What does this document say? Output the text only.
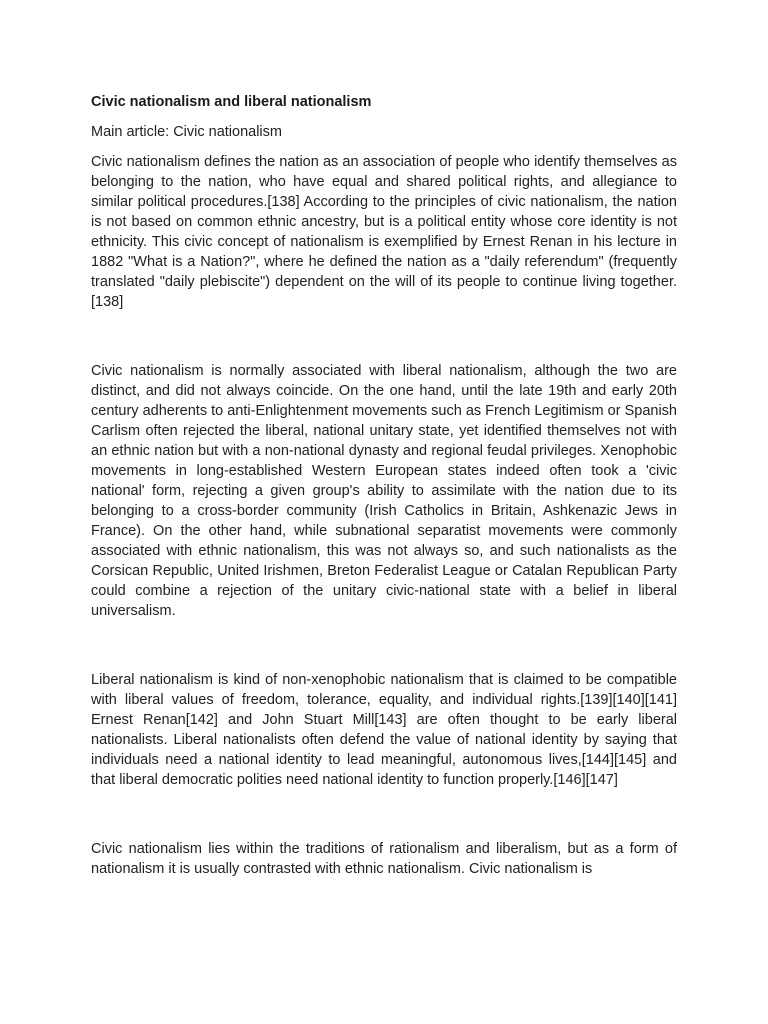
Civic nationalism and liberal nationalism
Main article: Civic nationalism

Civic nationalism defines the nation as an association of people who identify themselves as belonging to the nation, who have equal and shared political rights, and allegiance to similar political procedures.[138] According to the principles of civic nationalism, the nation is not based on common ethnic ancestry, but is a political entity whose core identity is not ethnicity. This civic concept of nationalism is exemplified by Ernest Renan in his lecture in 1882 "What is a Nation?", where he defined the nation as a "daily referendum" (frequently translated "daily plebiscite") dependent on the will of its people to continue living together.[138]

Civic nationalism is normally associated with liberal nationalism, although the two are distinct, and did not always coincide. On the one hand, until the late 19th and early 20th century adherents to anti-Enlightenment movements such as French Legitimism or Spanish Carlism often rejected the liberal, national unitary state, yet identified themselves not with an ethnic nation but with a non-national dynasty and regional feudal privileges. Xenophobic movements in long-established Western European states indeed often took a 'civic national' form, rejecting a given group's ability to assimilate with the nation due to its belonging to a cross-border community (Irish Catholics in Britain, Ashkenazic Jews in France). On the other hand, while subnational separatist movements were commonly associated with ethnic nationalism, this was not always so, and such nationalists as the Corsican Republic, United Irishmen, Breton Federalist League or Catalan Republican Party could combine a rejection of the unitary civic-national state with a belief in liberal universalism.

Liberal nationalism is kind of non-xenophobic nationalism that is claimed to be compatible with liberal values of freedom, tolerance, equality, and individual rights.[139][140][141] Ernest Renan[142] and John Stuart Mill[143] are often thought to be early liberal nationalists. Liberal nationalists often defend the value of national identity by saying that individuals need a national identity to lead meaningful, autonomous lives,[144][145] and that liberal democratic polities need national identity to function properly.[146][147]

Civic nationalism lies within the traditions of rationalism and liberalism, but as a form of nationalism it is usually contrasted with ethnic nationalism. Civic nationalism is
